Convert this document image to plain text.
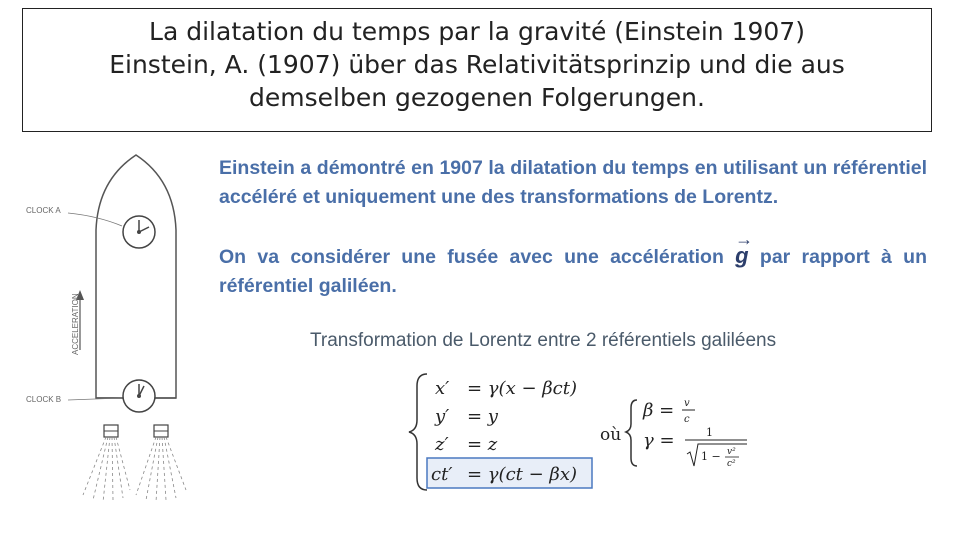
La dilatation du temps par la gravité (Einstein 1907)
Einstein, A. (1907) über das Relativitätsprinzip und die aus
demselben gezogenen Folgerungen.
CLOCK A
CLOCK B
ACCELERATION
Einstein a démontré en 1907 la dilatation du temps en utilisant un référentiel accéléré et uniquement une des transformations de Lorentz.
On va considérer une fusée avec une accélération → g par rapport à un référentiel galiléen.
Transformation de Lorentz entre 2 référentiels galiléens
x′ = γ(x − βct)
y′ = y
z′ = z
ct′ = γ(ct − βx)
où
β = v
c
γ =	1
1 − v²
c²
